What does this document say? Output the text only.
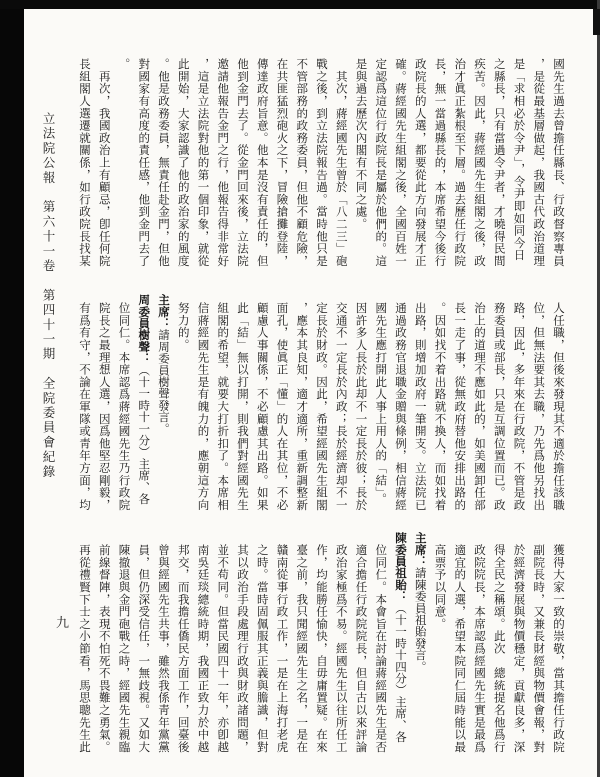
立法院公報　第六十一卷　第四十一期　全院委員會紀錄
九
國先生過去曾擔任縣長、行政督察專員
，是從最基層做起，我國古代政治道理
是「求相必於令尹」，令尹即如同今日
之縣長，只有當過令尹者，才曉得民間
疾苦。因此，蔣經國先生組閣之後，政
治才眞正紮根至下層。過去歷任行政院
長，無一當過縣長的，本席希望今後行
政院長的人選，都要從此方向發展才正
確。蔣經國先生組閣之後，全國百姓一
定認爲這位行政院長是屬於他們的。這
是與過去歷次內閣有不同之處。
　其次，蔣經國先生曾於「八二三」砲
戰之後，到立法院報告過。當時他只是
不管部務的政務委員，但他不顧危險，
在共匪猛烈砲火之下，冒險搶攤登陸，
傳達政府旨意。他本是沒有責任的，但
他到金門去了。從金門回來後，立法院
邀請他報告金門之行，他報告得非常好
，這是立法院對他的第一個印象，就從
此開始，大家認識了他的政治家的風度
。他是政務委員，無責任赴金門，但他
對國家有高度的責任感，他到金門去了
。
　再次，我國政治上有顧忌，卽任何院
長組閣人選遷就關係，如行政院長找某
人任職，但後來發現其不適於擔任該職
位，但無法要其去職，乃先爲他另找出
路，因此，多年來在行政院，不管是政
務委員或部長，只是互調位置而已。政
治上的道理不應如此的，如美國卸任部
長一走了事，從無政府替他安排出路的
。因如找不着出路就不換人，而如找着
出路，則增加政府一筆開支。立法院已
通過政務官退職金贈與條例，相信蔣經
國先生應打開此人事上用人的「結」。
因許多人長於此却不一定長於彼；長於
交通不一定長於內政；長於經濟却不一
定長於財政。因此，希望經國先生組閣
，應本其良知，適才適所，重新調整新
面孔，使眞正「懂」的人在其位，不必
顧慮人事關係，不必顧慮其出路。如果
此「結」無以打開，則我們對經國先生
組閣的希望，就要大打折扣了。本席相
信蔣經國先生是有魄力的，應朝這方向
努力的。
主席：請周委員樹聲發言。
周委員樹聲：（十一時十一分）主席、各
位同仁。本席認爲蔣經國先生乃行政院
院長之最理想人選，因爲他堅忍剛毅，
有爲有守，不論在軍隊或靑年方面，均
獲得大家一致的崇敬，當其擔任行政院
副院長時，又兼長財經與物價會報，對
於經濟發展與物價穩定，貢獻良多，深
得全民之稱頌。此次　總統提名他爲行
政院院長，本席認爲經國先生實是最爲
適宜的人選，希望本院同仁屆時能以最
高票予以同意。
主席：請陳委員祖貽發言。
陳委員祖貽：（十一時十四分）主席、各
位同仁。本會旨在討論蔣經國先生是否
適合擔任行政院院長，但自古以來評論
政治家極爲不易。經國先生以往所任工
作，均能勝任愉快，自毋庸置疑。在來
臺之前，我只聞經國先生之名，一是在
贛南從事行政工作，一是在上海打老虎
之時。當時固佩服其正義與膽識，但對
其以政治手段處理行政與財政諸問題，
並不苟同。但當民國四十一年，亦卽越
南吳廷琰總統時期，我國正致力於中越
邦交，而我擔任僑民方面工作，回臺後
曾與經國先生共事，雖然我係靑年黨黨
員，但仍深受信任，一無歧視。又如大
陳撤退與金門砲戰之時，經國先生親臨
前線督陣，表現不怕死不畏難之勇氣。
再從禮賢下士之小節看，馬思聰先生此
